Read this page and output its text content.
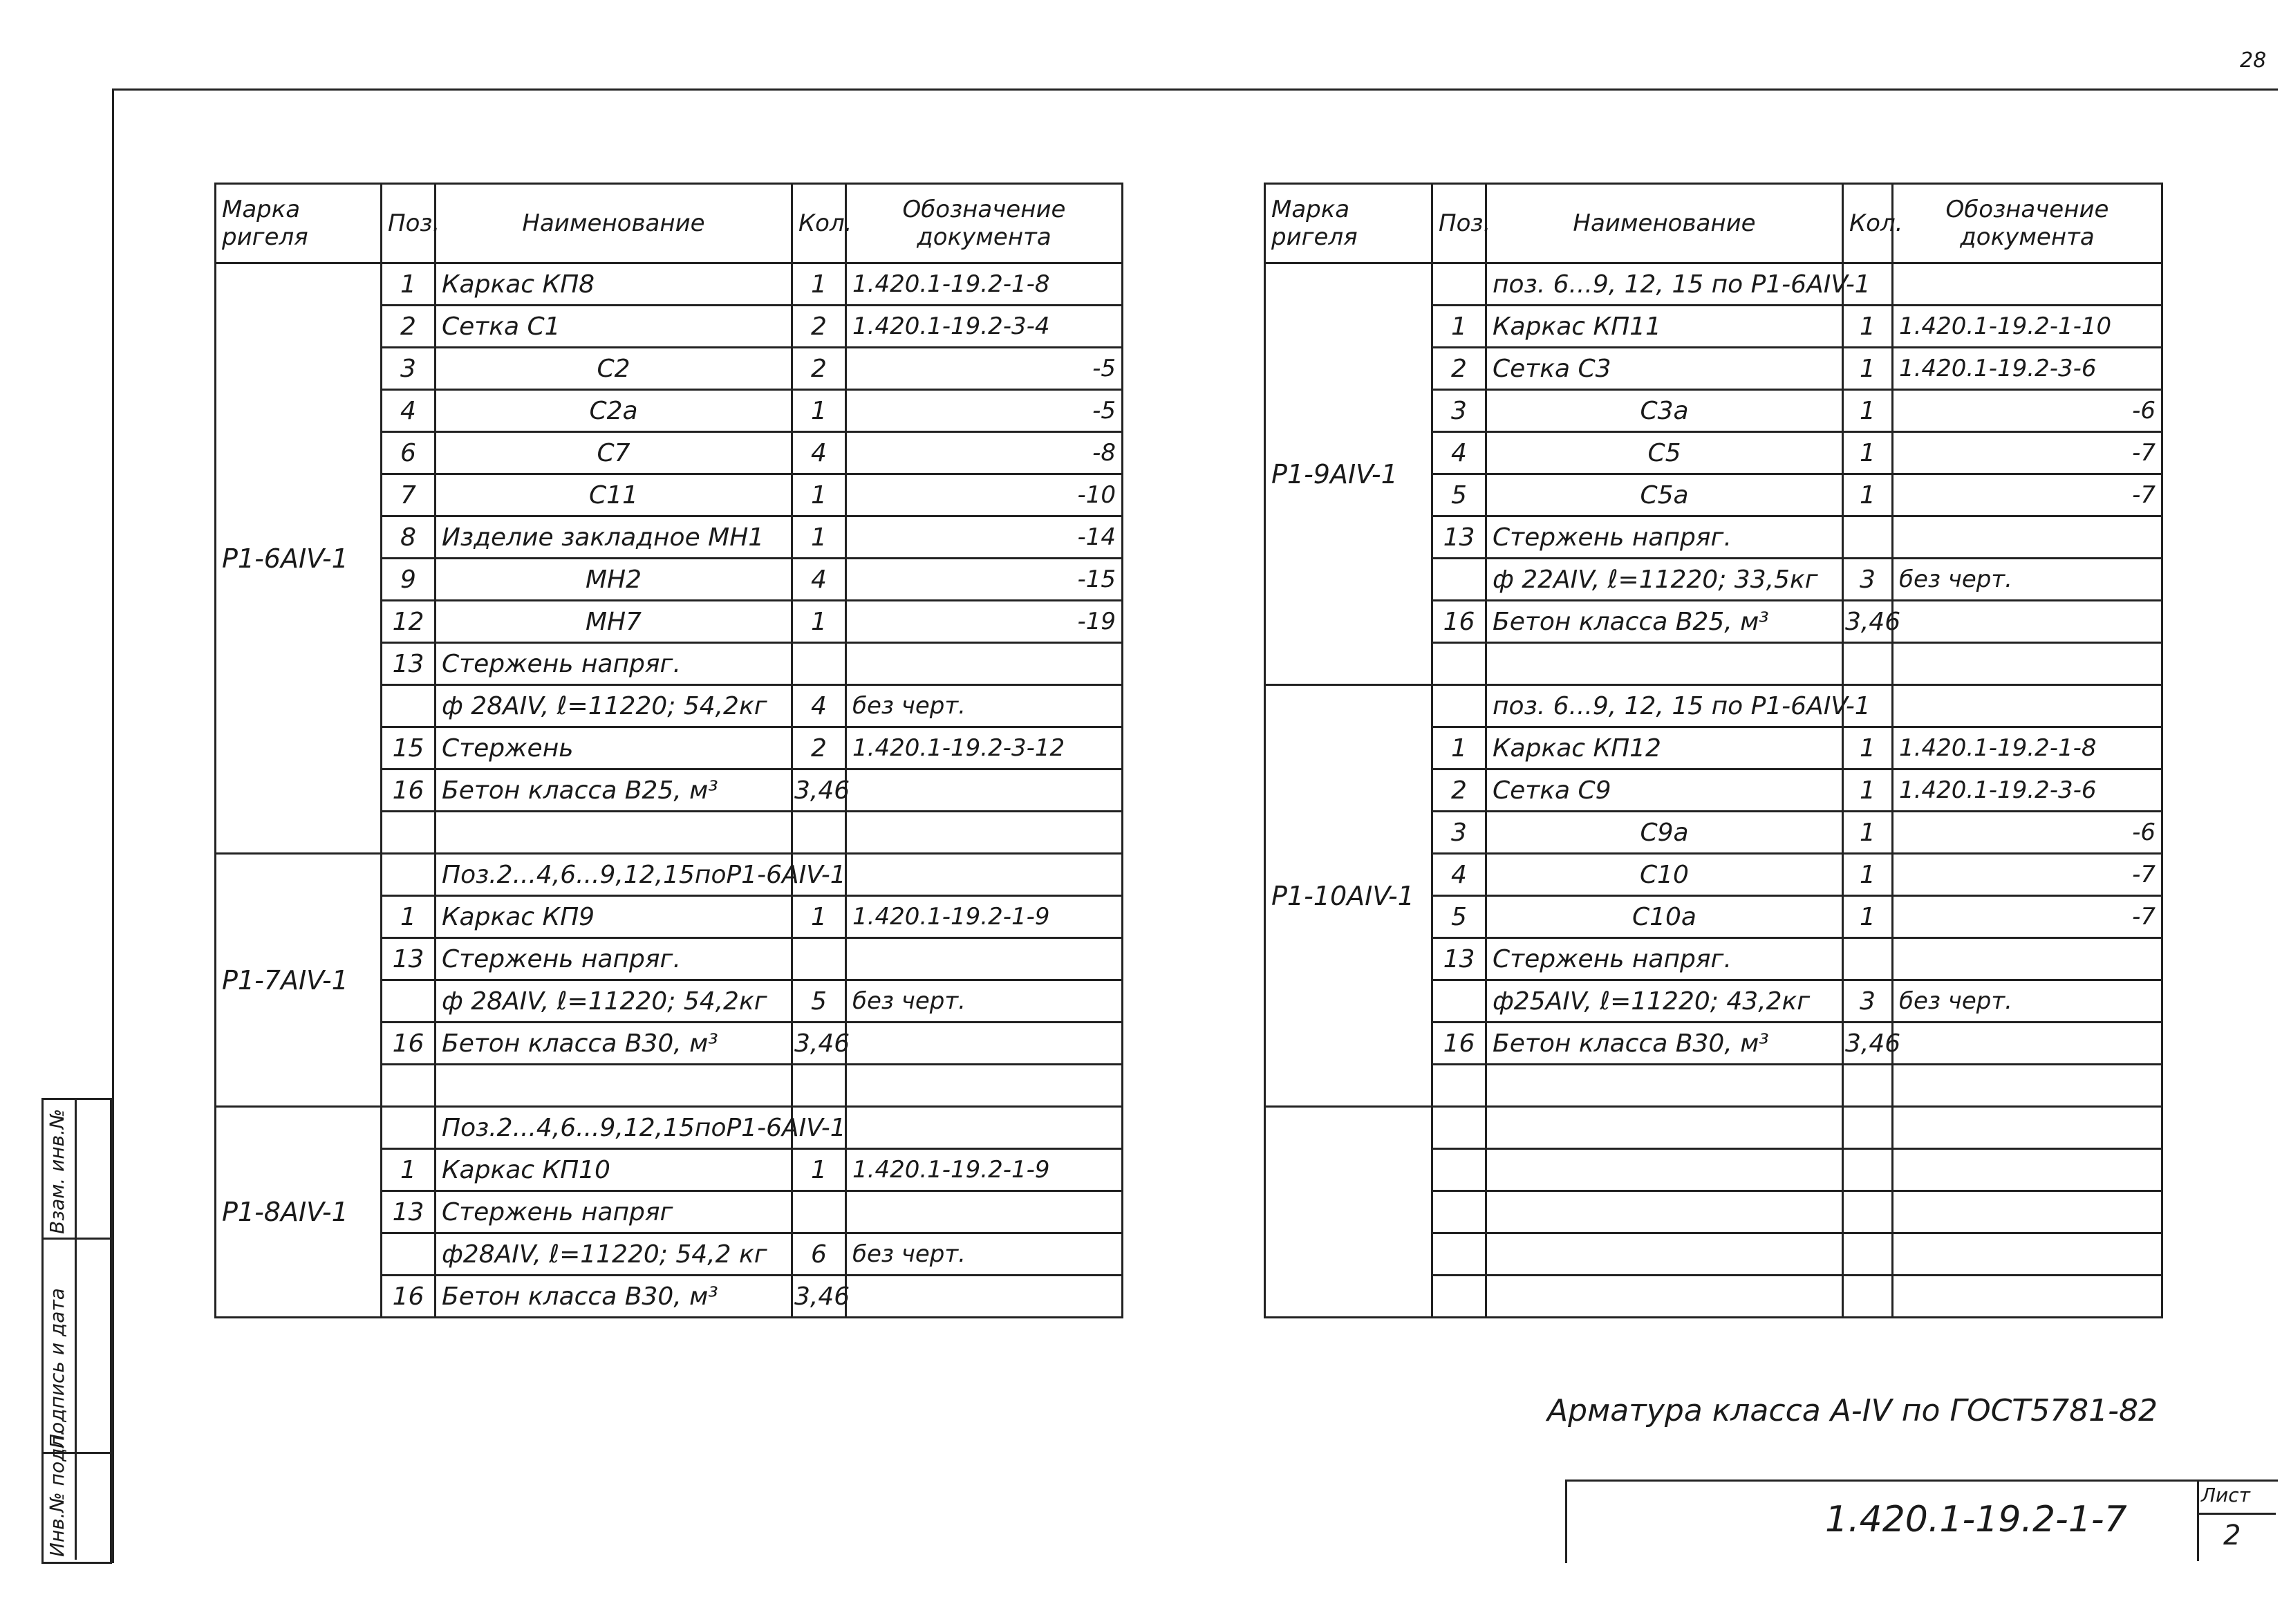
28
Взам. инв.№
Подпись и дата
Инв.№ подл.
Марка ригеля	Поз.	Наименование	Кол.	Обозначение документа
Р1-6АIV-1	1	Каркас КП8	1	1.420.1-19.2-1-8
	2	Сетка С1	2	1.420.1-19.2-3-4
	3	С2	2	-5
	4	С2а	1	-5
	6	С7	4	-8
	7	С11	1	-10
	8	Изделие закладное МН1	1	-14
	9	МН2	4	-15
	12	МН7	1	-19
	13	Стержень напряг.		
		ф 28АIV, ℓ=11220; 54,2кг	4	без черт.
	15	Стержень	2	1.420.1-19.2-3-12
	16	Бетон класса В25, м³	3,46	

Р1-7АIV-1		Поз.2...4,6...9,12,15поР1-6АIV-1		
	1	Каркас КП9	1	1.420.1-19.2-1-9
	13	Стержень напряг.		
		ф 28АIV, ℓ=11220; 54,2кг	5	без черт.
	16	Бетон класса В30, м³	3,46	

Р1-8АIV-1		Поз.2...4,6...9,12,15поР1-6АIV-1		
	1	Каркас КП10	1	1.420.1-19.2-1-9
	13	Стержень напряг		
		ф28АIV, ℓ=11220; 54,2 кг	6	без черт.
	16	Бетон класса В30, м³	3,46	
Марка ригеля	Поз.	Наименование	Кол.	Обозначение документа
Р1-9АIV-1		поз. 6...9, 12, 15 по Р1-6АIV-1		
	1	Каркас КП11	1	1.420.1-19.2-1-10
	2	Сетка С3	1	1.420.1-19.2-3-6
	3	С3а	1	-6
	4	С5	1	-7
	5	С5а	1	-7
	13	Стержень напряг.		
		ф 22АIV, ℓ=11220; 33,5кг	3	без черт.
	16	Бетон класса В25, м³	3,46	

Р1-10АIV-1		поз. 6...9, 12, 15 по Р1-6АIV-1		
	1	Каркас КП12	1	1.420.1-19.2-1-8
	2	Сетка С9	1	1.420.1-19.2-3-6
	3	С9а	1	-6
	4	С10	1	-7
	5	С10а	1	-7
	13	Стержень напряг.		
		ф25АIV, ℓ=11220; 43,2кг	3	без черт.
	16	Бетон класса В30, м³	3,46	

Арматура класса А-IV по ГОСТ5781-82
1.420.1-19.2-1-7
Лист
2
